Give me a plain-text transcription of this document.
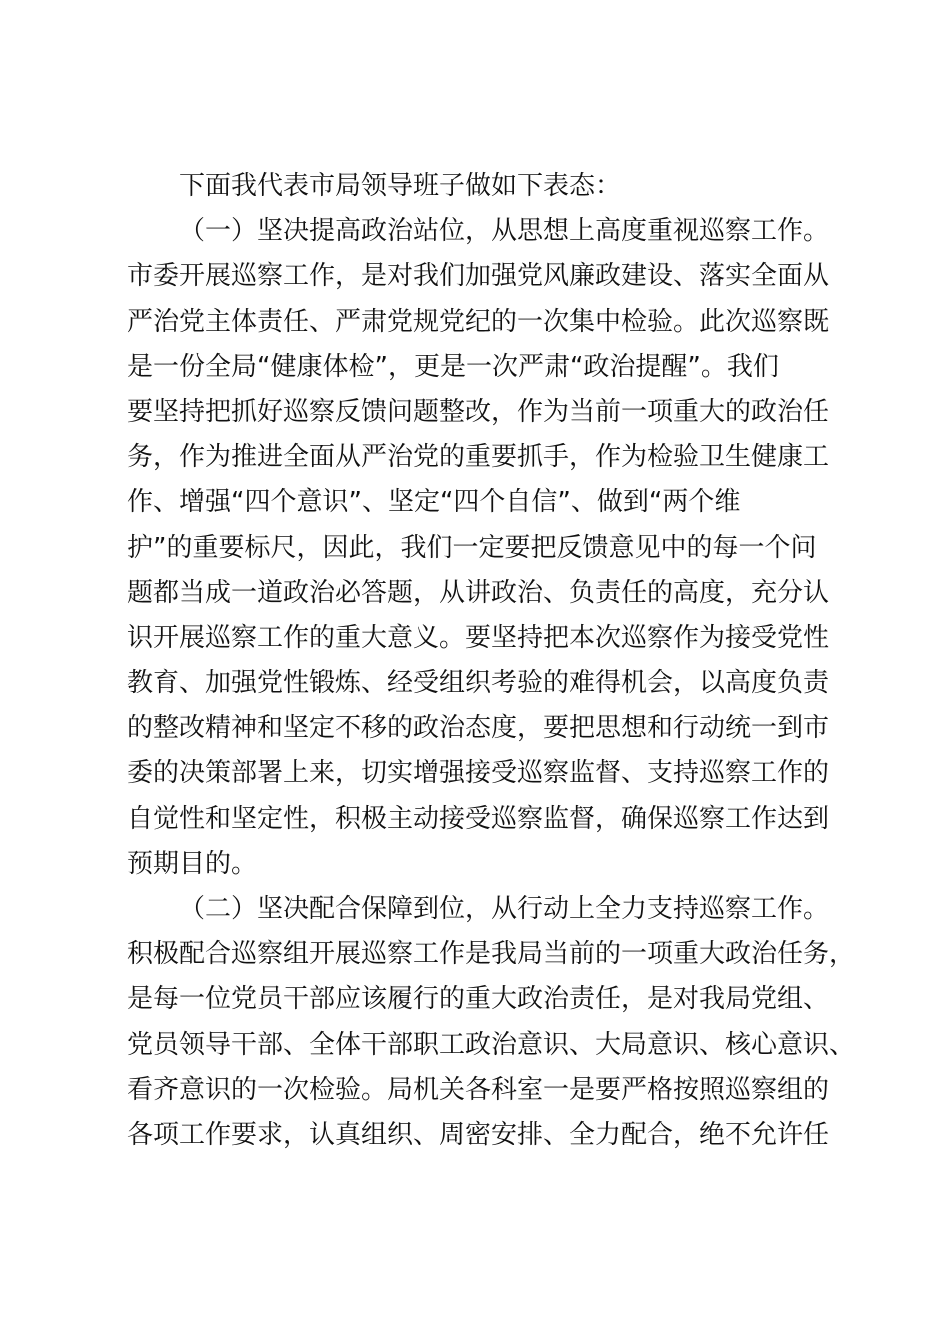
下面我代表市局领导班子做如下表态：
（一）坚决提高政治站位，从思想上高度重视巡察工作。
市委开展巡察工作，是对我们加强党风廉政建设、落实全面从
严治党主体责任、严肃党规党纪的一次集中检验。此次巡察既
是一份全局“健康体检”，更是一次严肃“政治提醒”。我们
要坚持把抓好巡察反馈问题整改，作为当前一项重大的政治任
务，作为推进全面从严治党的重要抓手，作为检验卫生健康工
作、增强“四个意识”、坚定“四个自信”、做到“两个维
护”的重要标尺，因此，我们一定要把反馈意见中的每一个问
题都当成一道政治必答题，从讲政治、负责任的高度，充分认
识开展巡察工作的重大意义。要坚持把本次巡察作为接受党性
教育、加强党性锻炼、经受组织考验的难得机会，以高度负责
的整改精神和坚定不移的政治态度，要把思想和行动统一到市
委的决策部署上来，切实增强接受巡察监督、支持巡察工作的
自觉性和坚定性，积极主动接受巡察监督，确保巡察工作达到
预期目的。
（二）坚决配合保障到位，从行动上全力支持巡察工作。
积极配合巡察组开展巡察工作是我局当前的一项重大政治任务，
是每一位党员干部应该履行的重大政治责任，是对我局党组、
党员领导干部、全体干部职工政治意识、大局意识、核心意识、
看齐意识的一次检验。局机关各科室一是要严格按照巡察组的
各项工作要求，认真组织、周密安排、全力配合，绝不允许任
